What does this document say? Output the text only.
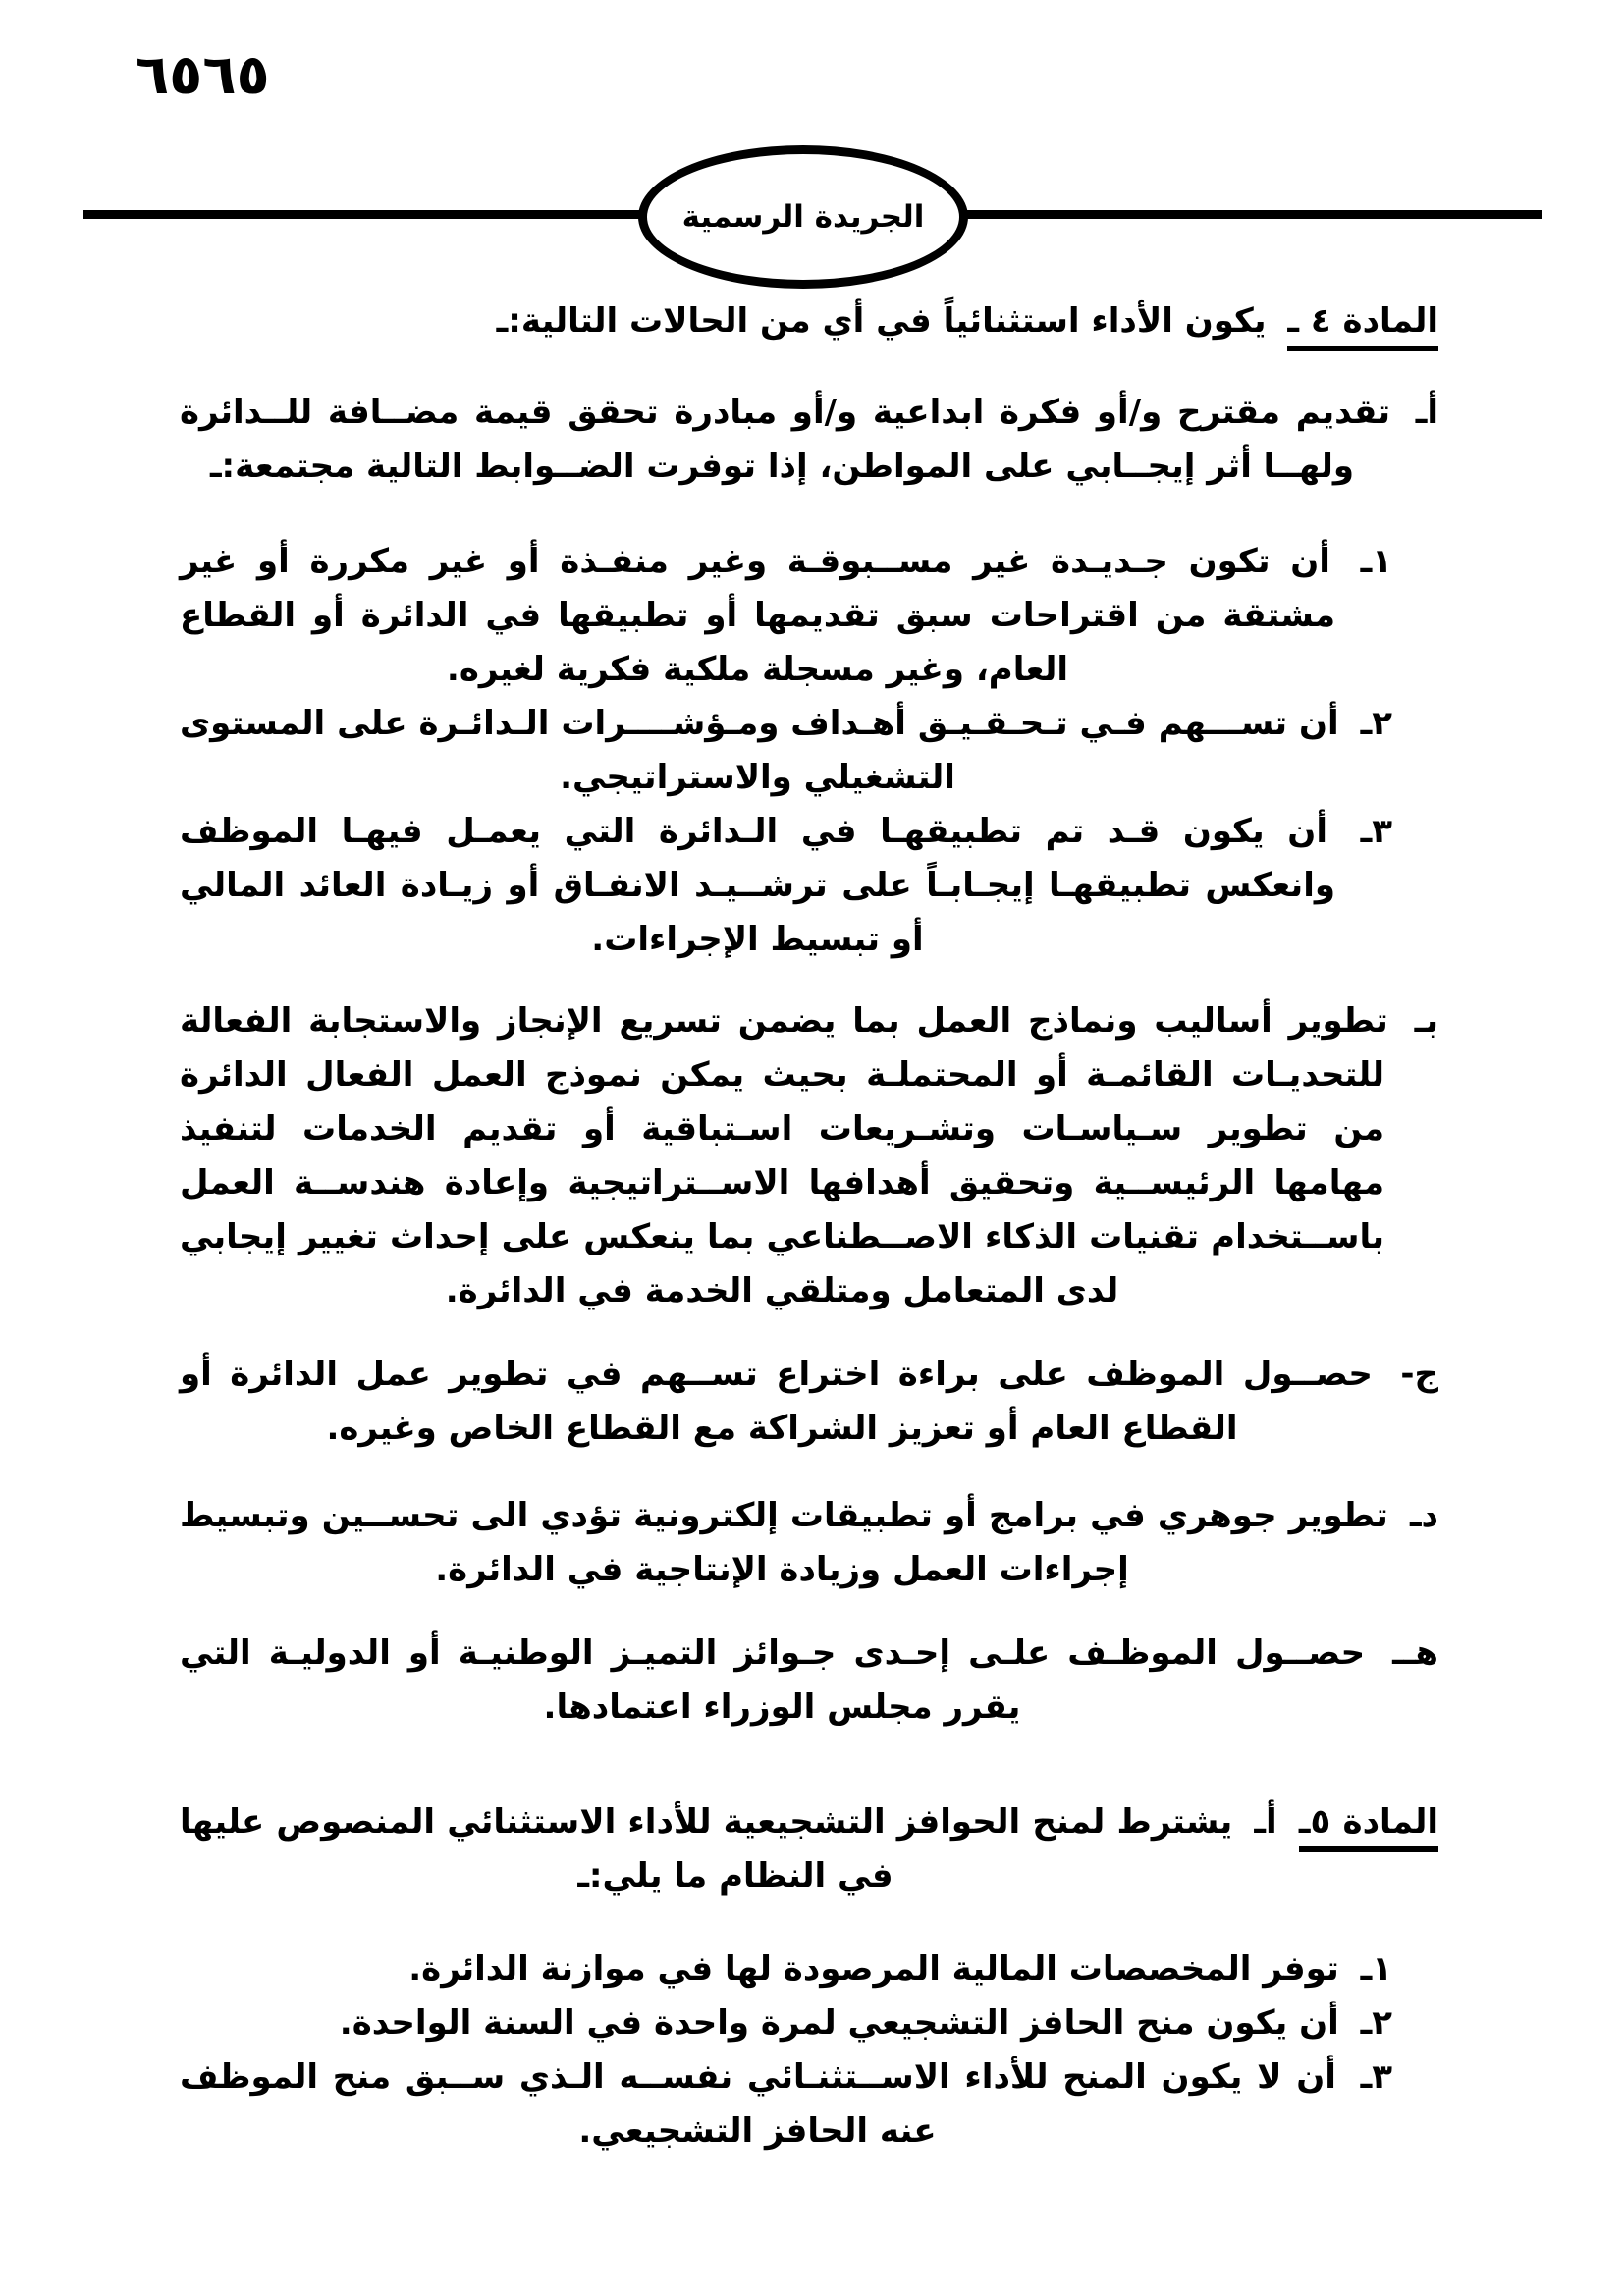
٦٥٦٥
الجريدة الرسمية
المادة ٤ ـ يكون الأداء استثنائياً في أي من الحالات التالية:ـ
أـ تقديم مقترح و/أو فكرة ابداعية و/أو مبادرة تحقق قيمة مضــافة للــدائرة ولهــا أثر إيجــابي على المواطن، إذا توفرت الضــوابط التالية مجتمعة:ـ
١ـ أن تكون جـديـدة غير مســبوقـة وغير منفـذة أو غير مكررة أو غير مشتقة من اقتراحات سبق تقديمها أو تطبيقها في الدائرة أو القطاع العام، وغير مسجلة ملكية فكرية لغيره.
٢ـ أن تســـهم فـي تـحـقـيـق أهـداف ومـؤشــــرات الـدائـرة على المستوى التشغيلي والاستراتيجي.
٣ـ أن يكون قـد تم تطبيقهـا في الـدائرة التي يعمـل فيهـا الموظف وانعكس تطبيقهـا إيجـابـاً على ترشــيـد الانفـاق أو زيـادة العائد المالي أو تبسيط الإجراءات.
بـ تطوير أساليب ونماذج العمل بما يضمن تسريع الإنجاز والاستجابة الفعالة للتحديـات القائمـة أو المحتملـة بحيث يمكن نموذج العمل الفعال الدائرة من تطوير سـياسـات وتشـريعات اسـتباقية أو تقديم الخدمات لتنفيذ مهامها الرئيســية وتحقيق أهدافها الاســتراتيجية وإعادة هندســة العمل باســتخدام تقنيات الذكاء الاصــطناعي بما ينعكس على إحداث تغيير إيجابي لدى المتعامل ومتلقي الخدمة في الدائرة.
ج- حصــول الموظف على براءة اختراع تســهم في تطوير عمل الدائرة أو القطاع العام أو تعزيز الشراكة مع القطاع الخاص وغيره.
دـ تطوير جوهري في برامج أو تطبيقات إلكترونية تؤدي الى تحســين وتبسيط إجراءات العمل وزيادة الإنتاجية في الدائرة.
هــ حصــول الموظـف علـى إحـدى جـوائز التميـز الوطنيـة أو الدوليـة التي يقرر مجلس الوزراء اعتمادها.
المادة ٥ـ أـ يشترط لمنح الحوافز التشجيعية للأداء الاستثنائي المنصوص عليها في النظام ما يلي:ـ
١ـ توفر المخصصات المالية المرصودة لها في موازنة الدائرة.
٢ـ أن يكون منح الحافز التشجيعي لمرة واحدة في السنة الواحدة.
٣ـ أن لا يكون المنح للأداء الاســتثنـائي نفســه الـذي ســبق منح الموظف عنه الحافز التشجيعي.
